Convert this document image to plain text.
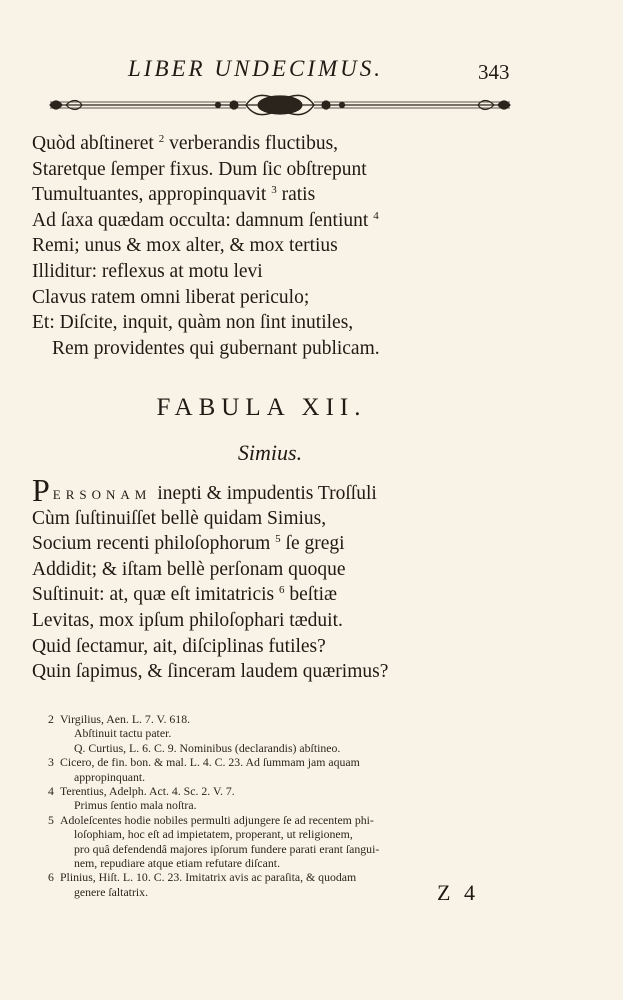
LIBER UNDECIMUS.	343
Quòd abſtineret $^2$ verberandis fluctibus,
Staretque ſemper fixus. Dum ſic obſtrepunt
Tumultuantes, appropinquavit $^3$ ratis
Ad ſaxa quædam occulta: damnum ſentiunt $^4$
Remi; unus & mox alter, & mox tertius
Illiditur: reflexus at motu levi
Clavus ratem omni liberat periculo;
Et: Diſcite, inquit, quàm non ſint inutiles,
Rem providentes qui gubernant publicam.
FABULA XII.
Simius.
PERSONAM inepti & impudentis Troſſuli
Cùm ſuſtinuiſſet bellè quidam Simius,
Socium recenti philoſophorum $^5$ ſe gregi
Addidit; & iſtam bellè perſonam quoque
Suſtinuit: at, quæ eſt imitatricis $^6$ beſtiæ
Levitas, mox ipſum philoſophari tæduit.
Quid ſectamur, ait, diſciplinas futiles?
Quin ſapimus, & ſinceram laudem quærimus?
2 Virgilius, Aen. L. 7. V. 618.
Abſtinuit tactu pater.
Q. Curtius, L. 6. C. 9. Nominibus (declarandis) abſtineo.
3 Cicero, de fin. bon. & mal. L. 4. C. 23. Ad ſummam jam aquam
appropinquant.
4 Terentius, Adelph. Act. 4. Sc. 2. V. 7.
Primus ſentio mala noſtra.
5 Adoleſcentes hodie nobiles permulti adjungere ſe ad recentem phi-
loſophiam, hoc eſt ad impietatem, properant, ut religionem,
pro quâ defendendâ majores ipſorum fundere parati erant ſangui-
nem, repudiare atque etiam refutare diſcant.
6 Plinius, Hiſt. L. 10. C. 23. Imitatrix avis ac paraſita, & quodam
genere ſaltatrix.	Z 4
